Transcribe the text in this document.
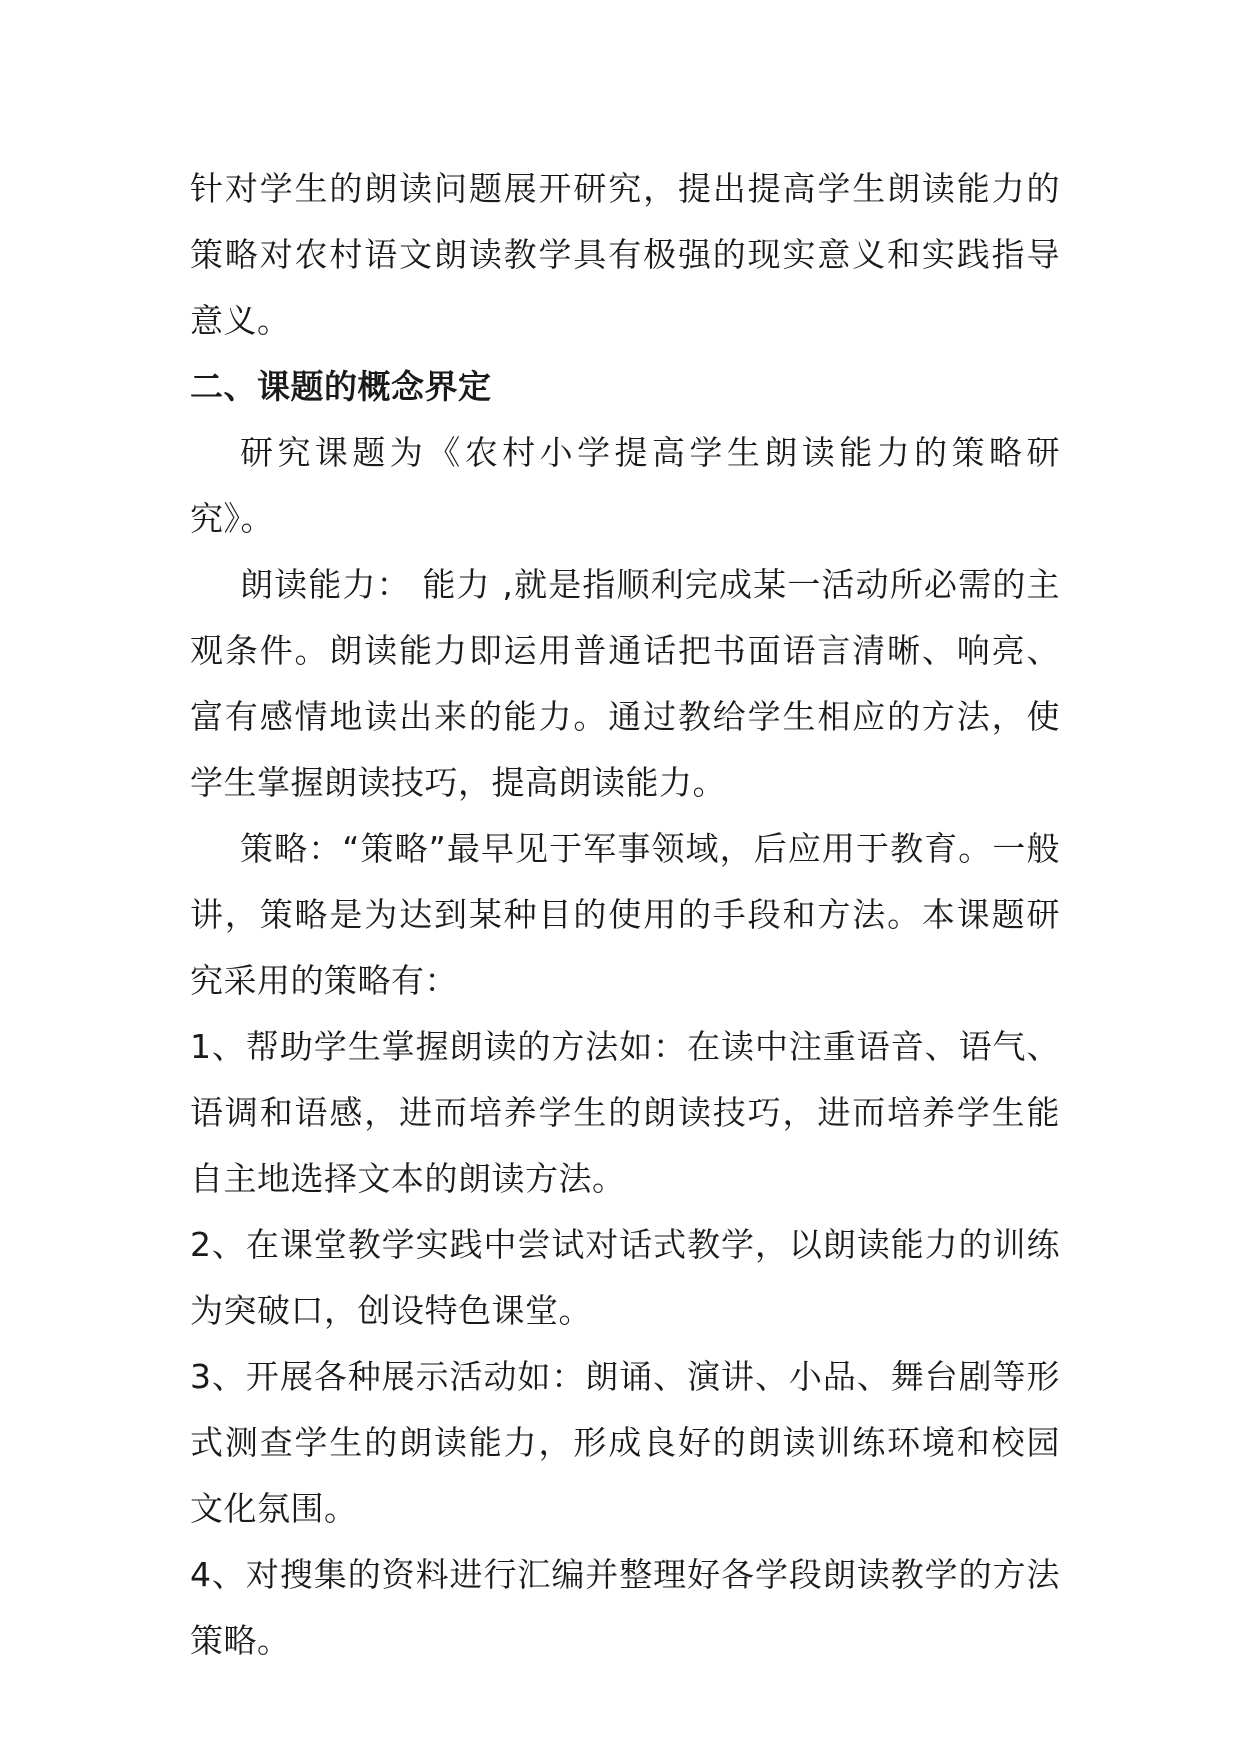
针对学生的朗读问题展开研究，提出提高学生朗读能力的策略对农村语文朗读教学具有极强的现实意义和实践指导意义。

二、课题的概念界定

研究课题为《农村小学提高学生朗读能力的策略研究》。

朗读能力： 能力 ,就是指顺利完成某一活动所必需的主观条件。朗读能力即运用普通话把书面语言清晰、响亮、富有感情地读出来的能力。通过教给学生相应的方法，使学生掌握朗读技巧，提高朗读能力。

策略：“策略”最早见于军事领域，后应用于教育。一般讲，策略是为达到某种目的使用的手段和方法。本课题研究采用的策略有：

1、帮助学生掌握朗读的方法如：在读中注重语音、语气、语调和语感，进而培养学生的朗读技巧，进而培养学生能自主地选择文本的朗读方法。

2、在课堂教学实践中尝试对话式教学，以朗读能力的训练为突破口，创设特色课堂。

3、开展各种展示活动如：朗诵、演讲、小品、舞台剧等形式测查学生的朗读能力，形成良好的朗读训练环境和校园文化氛围。

4、对搜集的资料进行汇编并整理好各学段朗读教学的方法策略。
